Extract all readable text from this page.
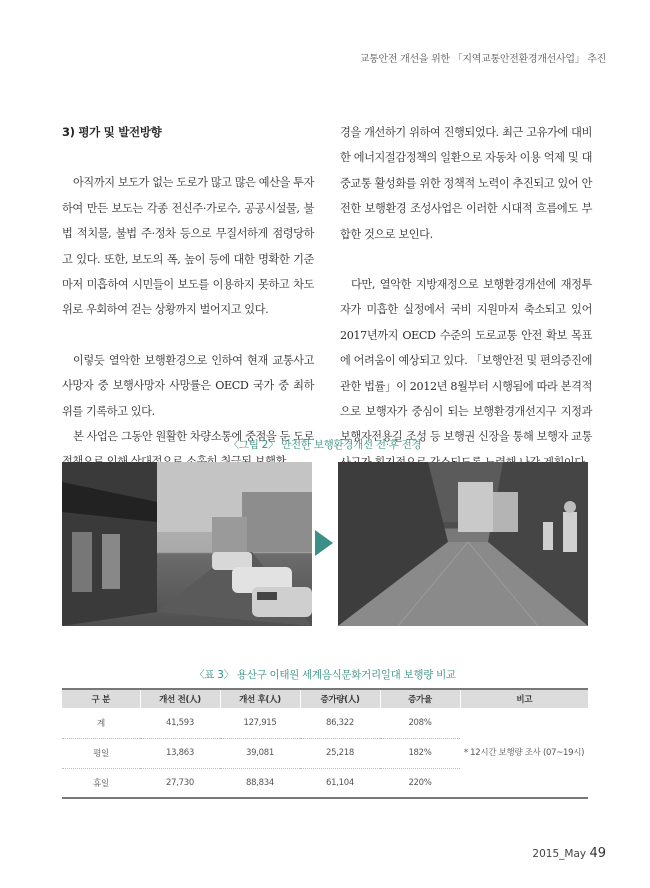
교통안전 개선을 위한 「지역교통안전환경개선사업」 추진
3) 평가 및 발전방향

아직까지 보도가 없는 도로가 많고 많은 예산을 투자하여 만든 보도는 각종 전신주·가로수, 공공시설물, 불법 적치물, 불법 주·정차 등으로 무질서하게 점령당하고 있다. 또한, 보도의 폭, 높이 등에 대한 명확한 기준마저 미흡하여 시민들이 보도를 이용하지 못하고 차도 위로 우회하여 걷는 상황까지 벌어지고 있다.

이렇듯 열악한 보행환경으로 인하여 현재 교통사고 사망자 중 보행사망자 사망률은 OECD 국가 중 최하위를 기록하고 있다.

본 사업은 그동안 원활한 차량소통에 중점을 둔 도로

경을 개선하기 위하여 진행되었다. 최근 고유가에 대비한 에너지절감정책의 일환으로 자동차 이용 억제 및 대중교통 활성화를 위한 정책적 노력이 추진되고 있어 안전한 보행환경 조성사업은 이러한 시대적 흐름에도 부합한 것으로 보인다.

다만, 열악한 지방재정으로 보행환경개선에 재정투자가 미흡한 실정에서 국비 지원마저 축소되고 있어 2017년까지 OECD 수준의 도로교통 안전 확보 목표에 어려움이 예상되고 있다. 「보행안전 및 편의증진에 관한 법률」이 2012년 8월부터 시행됨에 따라 본격적으로 보행자가 중심이 되는 보행환경개선지구 지정과 보행자전용길 조성 등 보행권 신장을 통해 보행자 교통

〈그림 2〉 안전한 보행환경개선 전·후 전경
〈표 3〉 용산구 이태원 세계음식문화거리일대 보행량 비교
구 분	개선 전(人)	개선 후(人)	증가량(人)	증가율	비고
계	41,593	127,915	86,322	208%	* 12시간 보행량 조사 (07~19시)
평일	13,863	39,081	25,218	182%	
휴일	27,730	88,834	61,104	220%	
2015_May 49
